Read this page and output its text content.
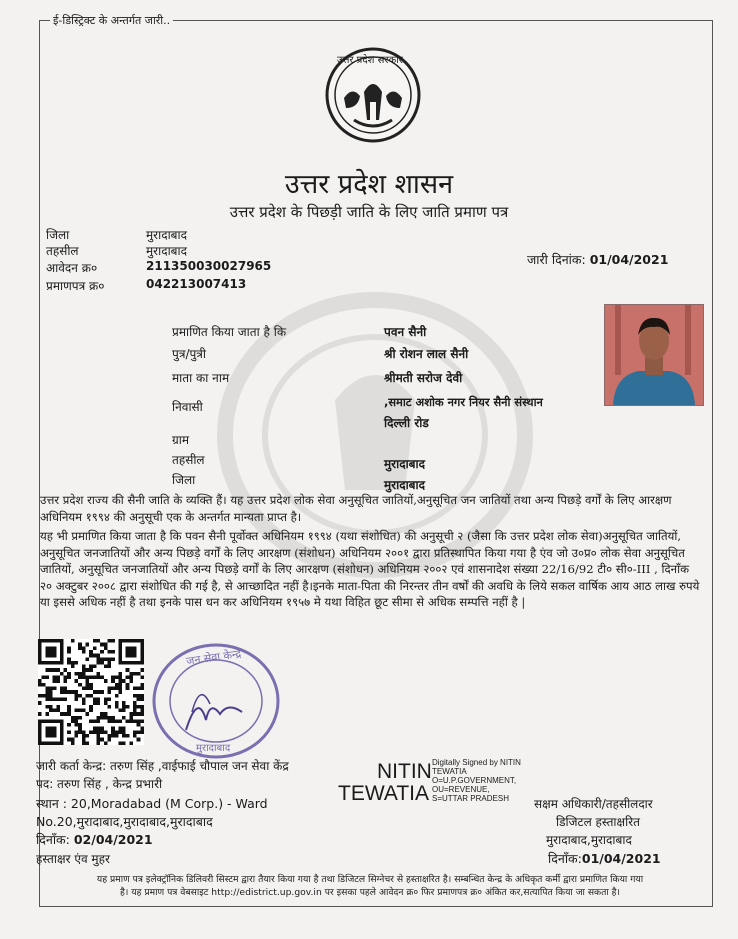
ई-डिस्ट्रिक्ट के अन्तर्गत जारी..
उत्तर प्रदेश सरकार
उत्तर प्रदेश शासन
उत्तर प्रदेश के पिछड़ी जाति के लिए जाति प्रमाण पत्र
जिला	मुरादाबाद
तहसील	मुरादाबाद
आवेदन क्र०	211350030027965
प्रमाणपत्र क्र०	042213007413
जारी दिनांक: 01/04/2021
प्रमाणित किया जाता है कि	पवन सैनी
पुत्र/पुत्री	श्री रोशन लाल सैनी
माता का नाम	श्रीमती सरोज देवी
निवासी	,समाट अशोक नगर नियर सैनी संस्थान
दिल्ली रोड
ग्राम
तहसील	मुरादाबाद
जिला	मुरादाबाद
उत्तर प्रदेश राज्य की सैनी जाति के व्यक्ति हैं। यह उत्तर प्रदेश लोक सेवा अनुसूचित जातियों,अनुसूचित जन जातियों तथा अन्य पिछड़े वर्गों के लिए आरक्षण अधिनियम १९९४ की अनुसूची एक के अन्तर्गत मान्यता प्राप्त है।
यह भी प्रमाणित किया जाता है कि पवन सैनी पूर्वोक्त अधिनियम १९९४ (यथा संशोधित) की अनुसूची २ (जैसा कि उत्तर प्रदेश लोक सेवा)अनुसूचित जातियों, अनुसूचित जनजातियों और अन्य पिछड़े वर्गों के लिए आरक्षण (संशोधन) अधिनियम २००१ द्वारा प्रतिस्थापित किया गया है एंव जो उ०प्र० लोक सेवा अनुसूचित जातियों, अनुसूचित जनजातियों और अन्य पिछड़े वर्गों के लिए आरक्षण (संशोधन) अधिनियम २००२ एवं शासनादेश संख्या 22/16/92 टी० सी०-III , दिनाँक २० अक्टुबर २००८ द्वारा संशोधित की गई है, से आच्छादित नहीं है।इनके माता-पिता की निरन्तर तीन वर्षों की अवधि के लिये सकल वार्षिक आय आठ लाख रुपये या इससे अधिक नहीं है तथा इनके पास धन कर अधिनियम १९५७ मे यथा विहित छूट सीमा से अधिक सम्पत्ति नहीं है |
जन सेवा केन्द्र
मुरादाबाद
जारी कर्ता केन्द्र: तरुण सिंह ,वाईफाई चौपाल जन सेवा केंद्र
पद: तरुण सिंह , केन्द्र प्रभारी
स्थान : 20,Moradabad (M Corp.) - Ward
No.20,मुरादाबाद,मुरादाबाद,मुरादाबाद
दिनाँक: 02/04/2021
हस्ताक्षर एंव मुहर
NITIN
TEWATIA
Digitally Signed by NITIN
TEWATIA
O=U.P.GOVERNMENT,
OU=REVENUE,
S=UTTAR PRADESH	सक्षम अधिकारी/तहसीलदार
डिजिटल हस्ताक्षरित
मुरादाबाद,मुरादाबाद
दिनाँक:01/04/2021
यह प्रमाण पत्र इलेक्ट्रॉनिक डिलिवरी सिस्टम द्वारा तैयार किया गया है तथा डिजिटल सिग्नेचर से हस्ताक्षरित है। सम्बन्धित केन्द्र के अधिकृत कर्मी द्वारा प्रमाणित किया गया
है। यह प्रमाण पत्र वेबसाइट http://edistrict.up.gov.in पर इसका पहले आवेदन क्र० फिर प्रमाणपत्र क्र० अंकित कर,सत्यापित किया जा सकता है।
